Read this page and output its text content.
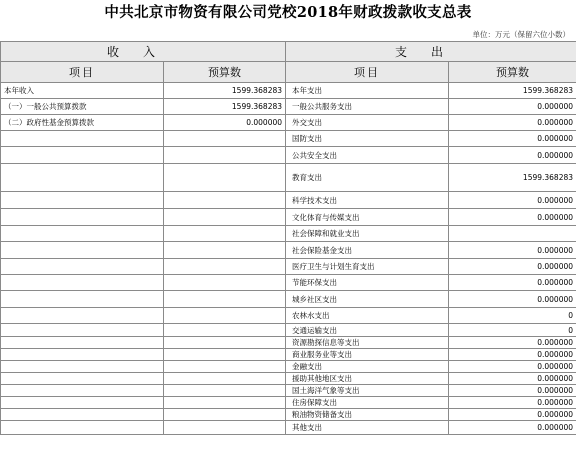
中共北京市物资有限公司党校2018年财政拨款收支总表
单位：万元（保留六位小数）
收入		支出	
项目	预算数	项目	预算数
本年收入	1599.368283	本年支出	1599.368283
（一）一般公共预算拨款	1599.368283	一般公共服务支出	0.000000
（二）政府性基金预算拨款	0.000000	外交支出	0.000000
		国防支出	0.000000
		公共安全支出	0.000000
		教育支出	1599.368283
		科学技术支出	0.000000
		文化体育与传媒支出	0.000000
		社会保障和就业支出	
		社会保险基金支出	0.000000
		医疗卫生与计划生育支出	0.000000
		节能环保支出	0.000000
		城乡社区支出	0.000000
		农林水支出	0
		交通运输支出	0
		资源勘探信息等支出	0.000000
		商业服务业等支出	0.000000
		金融支出	0.000000
		援助其他地区支出	0.000000
		国土海洋气象等支出	0.000000
		住房保障支出	0.000000
		粮油物资储备支出	0.000000
		其他支出	0.000000
